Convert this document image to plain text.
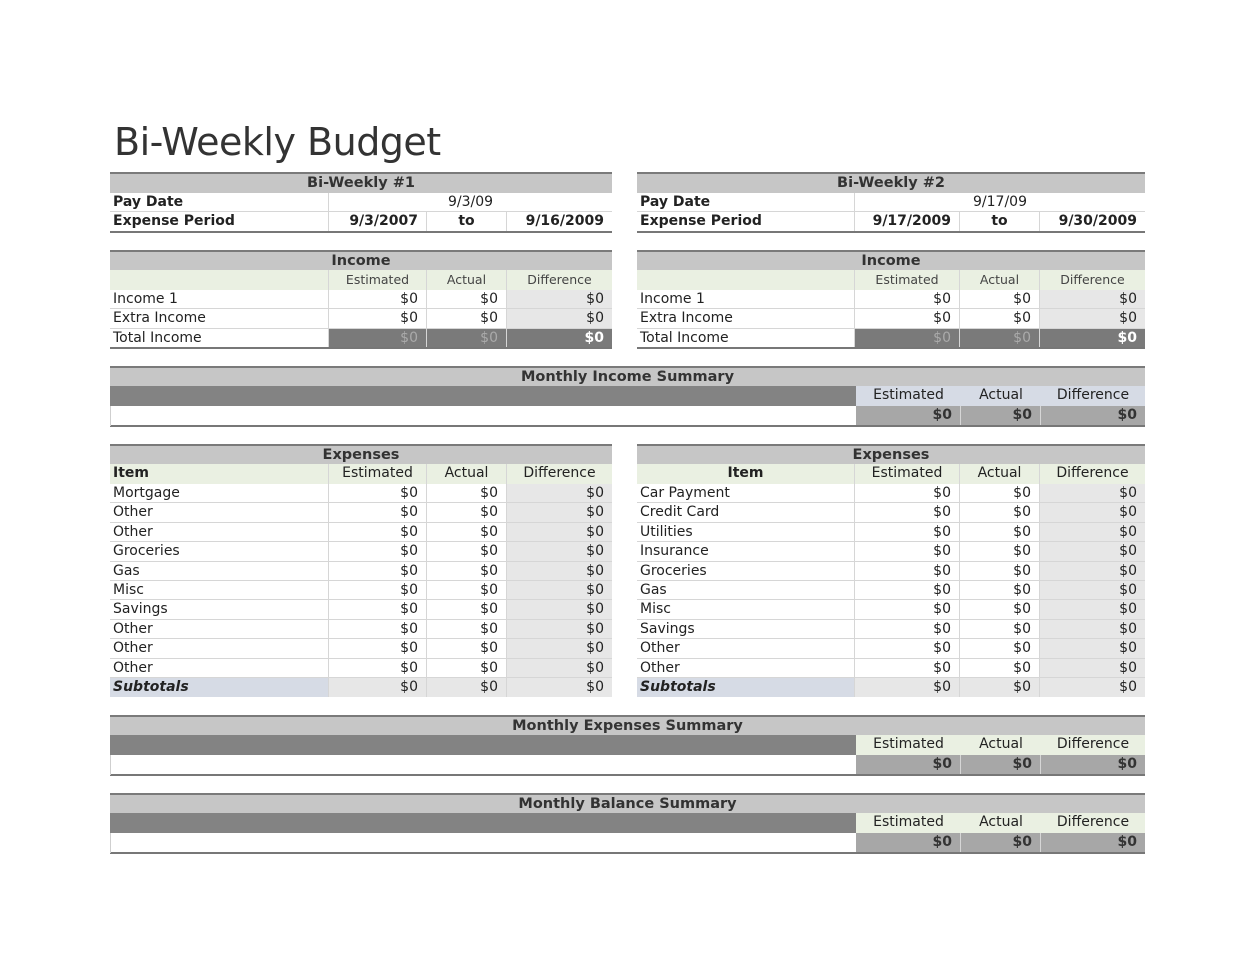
Bi-Weekly Budget
Bi-Weekly #1
Pay Date	9/3/09
Expense Period	9/3/2007	to	9/16/2009
Income
Estimated	Actual	Difference
Income 1	$0	$0	$0
Extra Income	$0	$0	$0
Total Income	$0	$0	$0
Expenses
Item	Estimated	Actual	Difference
Mortgage	$0	$0	$0
Other	$0	$0	$0
Other	$0	$0	$0
Groceries	$0	$0	$0
Gas	$0	$0	$0
Misc	$0	$0	$0
Savings	$0	$0	$0
Other	$0	$0	$0
Other	$0	$0	$0
Other	$0	$0	$0
Subtotals	$0	$0	$0
Bi-Weekly #2
Pay Date	9/17/09
Expense Period	9/17/2009	to	9/30/2009
Income
Estimated	Actual	Difference
Income 1	$0	$0	$0
Extra Income	$0	$0	$0
Total Income	$0	$0	$0
Expenses
Item	Estimated	Actual	Difference
Car Payment	$0	$0	$0
Credit Card	$0	$0	$0
Utilities	$0	$0	$0
Insurance	$0	$0	$0
Groceries	$0	$0	$0
Gas	$0	$0	$0
Misc	$0	$0	$0
Savings	$0	$0	$0
Other	$0	$0	$0
Other	$0	$0	$0
Subtotals	$0	$0	$0
Monthly Income Summary
Estimated	Actual	Difference
$0	$0	$0
Monthly Expenses Summary
Estimated	Actual	Difference
$0	$0	$0
Monthly Balance Summary
Estimated	Actual	Difference
$0	$0	$0
